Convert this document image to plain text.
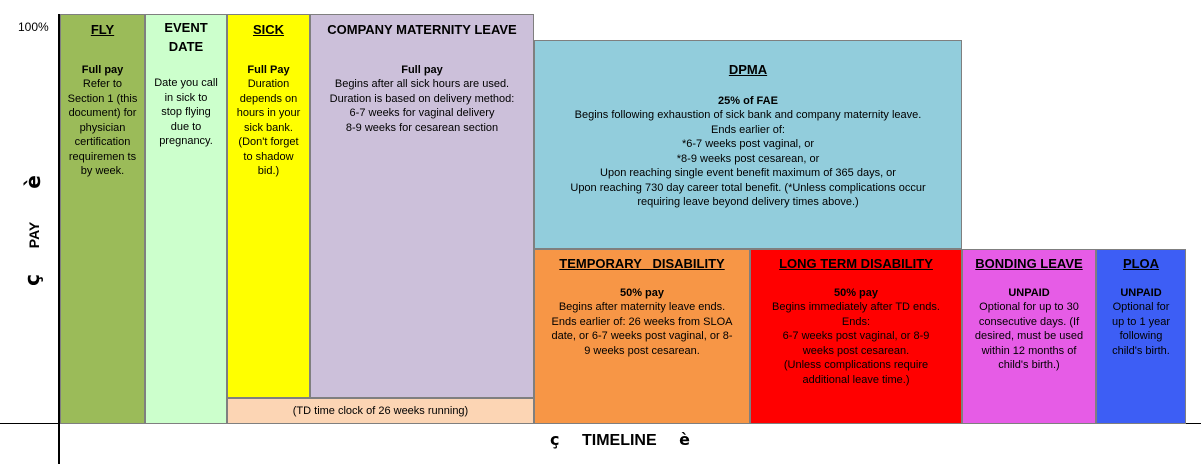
100%
è
PAY
ç
FLY
Full pay
Refer to Section 1 (this document) for physician certification requiremen ts by week.
EVENT DATE
Date you call in sick to stop flying due to pregnancy.
SICK
Full Pay
Duration depends on hours in your sick bank.
(Don't forget to shadow bid.)
COMPANY MATERNITY LEAVE
Full pay
Begins after all sick hours are used.
Duration is based on delivery method:
6-7 weeks for vaginal delivery
8-9 weeks for cesarean section
(TD time clock of 26 weeks running)
DPMA
25% of FAE
Begins following exhaustion of sick bank and company maternity leave.
Ends earlier of:
*6-7 weeks post vaginal, or
*8-9 weeks post cesarean, or
Upon reaching single event benefit maximum of 365 days, or
Upon reaching 730 day career total benefit. (*Unless complications occur
requiring leave beyond delivery times above.)
TEMPORARY   DISABILITY
50% pay
Begins after maternity leave ends. Ends earlier of: 26 weeks from SLOA date, or 6-7 weeks post vaginal, or 8-9 weeks post cesarean.
LONG TERM DISABILITY
50% pay
Begins immediately after TD ends.
Ends:
6-7 weeks post vaginal, or 8-9
weeks post cesarean.
(Unless complications require
additional leave time.)
BONDING LEAVE
UNPAID
Optional for up to 30 consecutive days. (If desired, must be used within 12 months of child's birth.)
PLOA
UNPAID
Optional for up to 1 year following child's birth.
ç TIMELINE è
